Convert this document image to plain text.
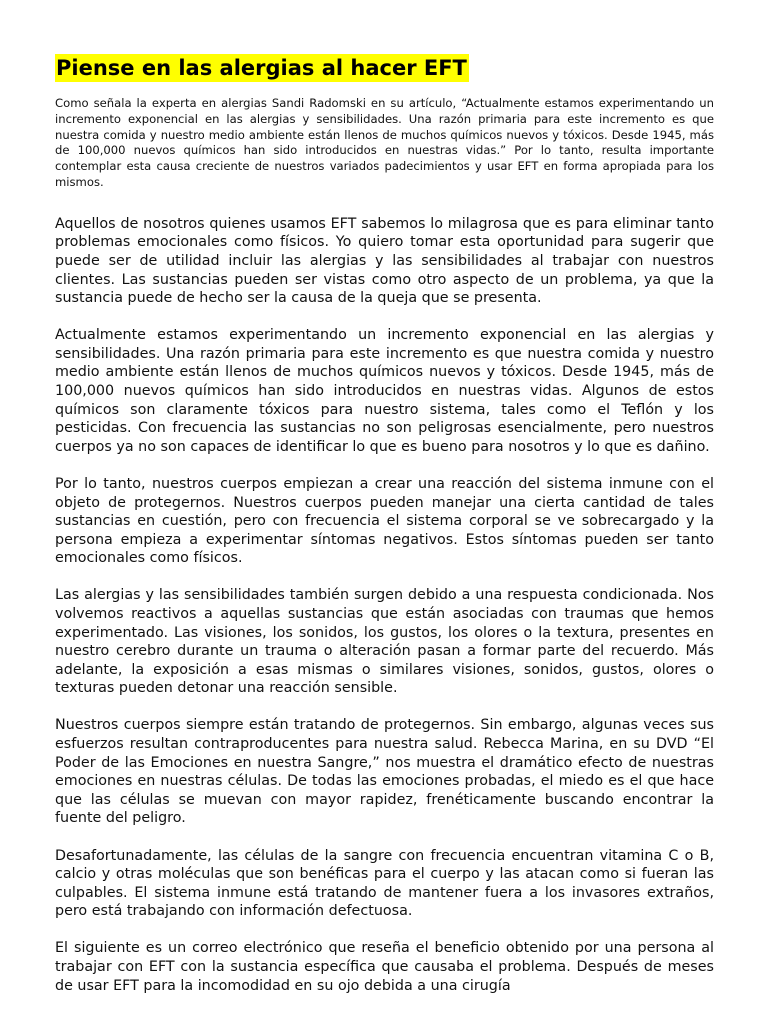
Piense en las alergias al hacer EFT

Como señala la experta en alergias Sandi Radomski en su artículo, “Actualmente estamos experimentando un incremento exponencial en las alergias y sensibilidades. Una razón primaria para este incremento es que nuestra comida y nuestro medio ambiente están llenos de muchos químicos nuevos y tóxicos. Desde 1945, más de 100,000 nuevos químicos han sido introducidos en nuestras vidas.” Por lo tanto, resulta importante contemplar esta causa creciente de nuestros variados padecimientos y usar EFT en forma apropiada para los mismos.

Aquellos de nosotros quienes usamos EFT sabemos lo milagrosa que es para eliminar tanto problemas emocionales como físicos. Yo quiero tomar esta oportunidad para sugerir que puede ser de utilidad incluir las alergias y las sensibilidades al trabajar con nuestros clientes. Las sustancias pueden ser vistas como otro aspecto de un problema, ya que la sustancia puede de hecho ser la causa de la queja que se presenta.

Actualmente estamos experimentando un incremento exponencial en las alergias y sensibilidades. Una razón primaria para este incremento es que nuestra comida y nuestro medio ambiente están llenos de muchos químicos nuevos y tóxicos. Desde 1945, más de 100,000 nuevos químicos han sido introducidos en nuestras vidas. Algunos de estos químicos son claramente tóxicos para nuestro sistema, tales como el Teflón y los pesticidas. Con frecuencia las sustancias no son peligrosas esencialmente, pero nuestros cuerpos ya no son capaces de identificar lo que es bueno para nosotros y lo que es dañino.

Por lo tanto, nuestros cuerpos empiezan a crear una reacción del sistema inmune con el objeto de protegernos. Nuestros cuerpos pueden manejar una cierta cantidad de tales sustancias en cuestión, pero con frecuencia el sistema corporal se ve sobrecargado y la persona empieza a experimentar síntomas negativos. Estos síntomas pueden ser tanto emocionales como físicos.

Las alergias y las sensibilidades también surgen debido a una respuesta condicionada. Nos volvemos reactivos a aquellas sustancias que están asociadas con traumas que hemos experimentado. Las visiones, los sonidos, los gustos, los olores o la textura, presentes en nuestro cerebro durante un trauma o alteración pasan a formar parte del recuerdo. Más adelante, la exposición a esas mismas o similares visiones, sonidos, gustos, olores o texturas pueden detonar una reacción sensible.

Nuestros cuerpos siempre están tratando de protegernos. Sin embargo, algunas veces sus esfuerzos resultan contraproducentes para nuestra salud. Rebecca Marina, en su DVD “El Poder de las Emociones en nuestra Sangre,” nos muestra el dramático efecto de nuestras emociones en nuestras células. De todas las emociones probadas, el miedo es el que hace que las células se muevan con mayor rapidez, frenéticamente buscando encontrar la fuente del peligro.

Desafortunadamente, las células de la sangre con frecuencia encuentran vitamina C o B, calcio y otras moléculas que son benéficas para el cuerpo y las atacan como si fueran las culpables. El sistema inmune está tratando de mantener fuera a los invasores extraños, pero está trabajando con información defectuosa.

El siguiente es un correo electrónico que reseña el beneficio obtenido por una persona al trabajar con EFT con la sustancia específica que causaba el problema. Después de meses de usar EFT para la incomodidad en su ojo debida a una cirugía
